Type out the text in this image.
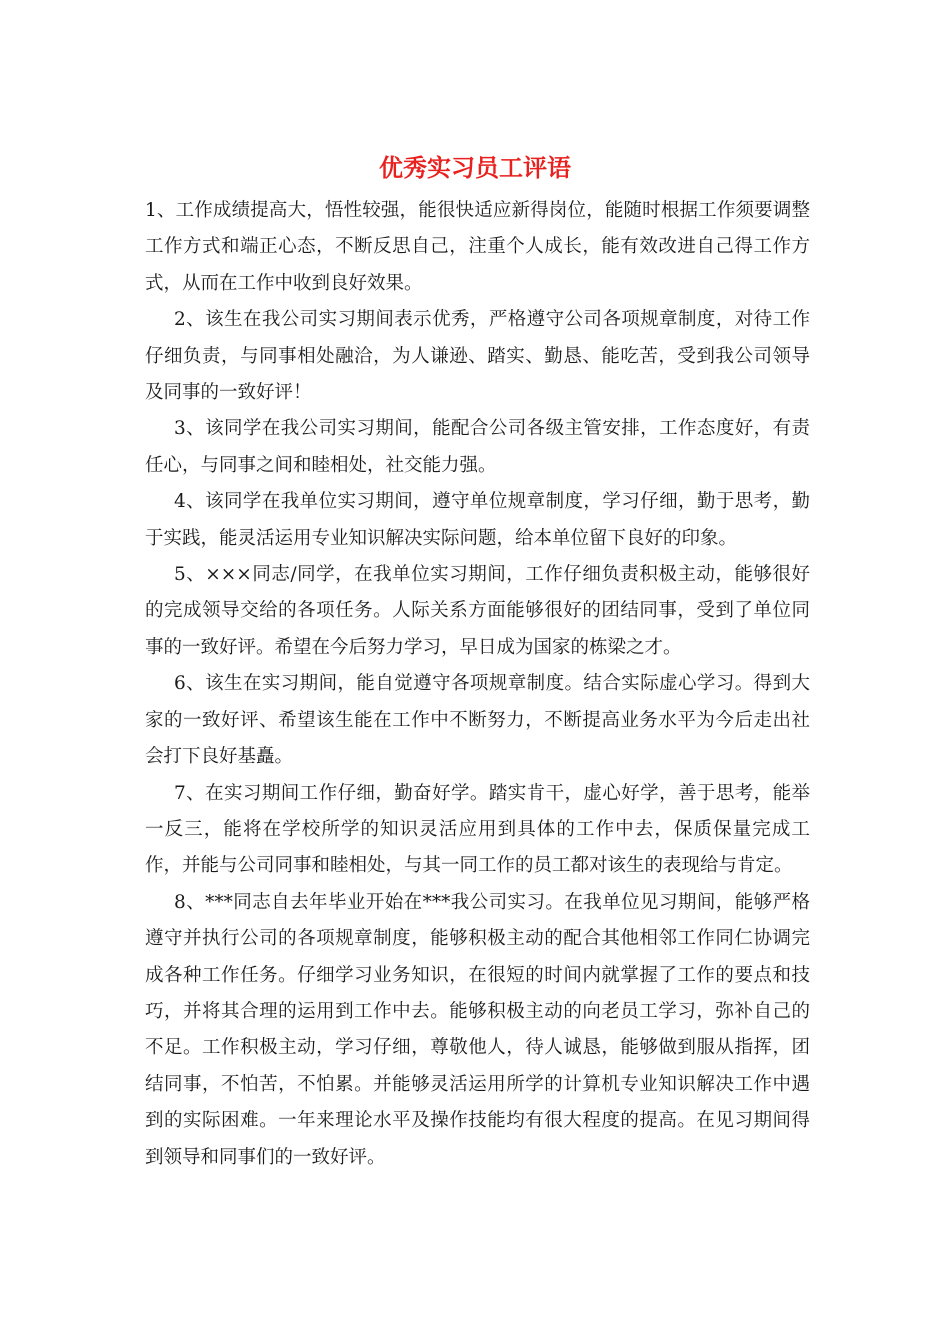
优秀实习员工评语

1、工作成绩提高大，悟性较强，能很快适应新得岗位，能随时根据工作须要调整工作方式和端正心态，不断反思自己，注重个人成长，能有效改进自己得工作方式，从而在工作中收到良好效果。

2、该生在我公司实习期间表示优秀，严格遵守公司各项规章制度，对待工作仔细负责，与同事相处融洽，为人谦逊、踏实、勤恳、能吃苦，受到我公司领导及同事的一致好评！

3、该同学在我公司实习期间，能配合公司各级主管安排，工作态度好，有责任心，与同事之间和睦相处，社交能力强。

4、该同学在我单位实习期间，遵守单位规章制度，学习仔细，勤于思考，勤于实践，能灵活运用专业知识解决实际问题，给本单位留下良好的印象。

5、×××同志/同学，在我单位实习期间，工作仔细负责积极主动，能够很好的完成领导交给的各项任务。人际关系方面能够很好的团结同事，受到了单位同事的一致好评。希望在今后努力学习，早日成为国家的栋梁之才。

6、该生在实习期间，能自觉遵守各项规章制度。结合实际虚心学习。得到大家的一致好评、希望该生能在工作中不断努力，不断提高业务水平为今后走出社会打下良好基矗。

7、在实习期间工作仔细，勤奋好学。踏实肯干，虚心好学，善于思考，能举一反三，能将在学校所学的知识灵活应用到具体的工作中去，保质保量完成工作，并能与公司同事和睦相处，与其一同工作的员工都对该生的表现给与肯定。

8、***同志自去年毕业开始在***我公司实习。在我单位见习期间，能够严格遵守并执行公司的各项规章制度，能够积极主动的配合其他相邻工作同仁协调完成各种工作任务。仔细学习业务知识，在很短的时间内就掌握了工作的要点和技巧，并将其合理的运用到工作中去。能够积极主动的向老员工学习，弥补自己的不足。工作积极主动，学习仔细，尊敬他人，待人诚恳，能够做到服从指挥，团结同事，不怕苦，不怕累。并能够灵活运用所学的计算机专业知识解决工作中遇到的实际困难。一年来理论水平及操作技能均有很大程度的提高。在见习期间得到领导和同事们的一致好评。
